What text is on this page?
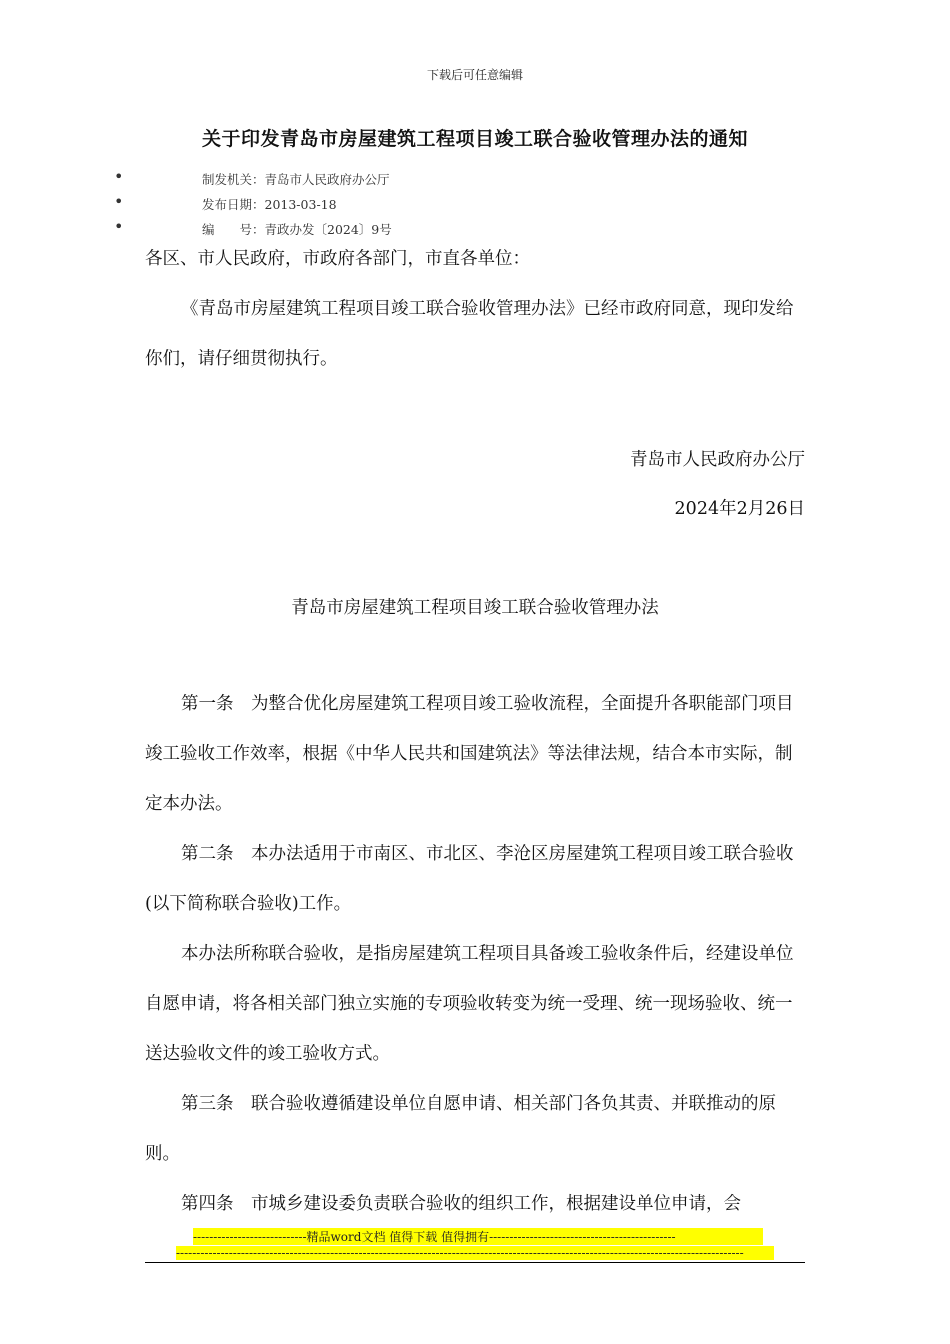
下载后可任意编辑
关于印发青岛市房屋建筑工程项目竣工联合验收管理办法的通知
•	制发机关：青岛市人民政府办公厅
•	发布日期：2013-03-18
•	编　　号：青政办发〔2024〕9号

各区、市人民政府，市政府各部门，市直各单位：

《青岛市房屋建筑工程项目竣工联合验收管理办法》已经市政府同意，现印发给你们，请仔细贯彻执行。

青岛市人民政府办公厅
2024年2月26日
青岛市房屋建筑工程项目竣工联合验收管理办法

第一条　为整合优化房屋建筑工程项目竣工验收流程，全面提升各职能部门项目竣工验收工作效率，根据《中华人民共和国建筑法》等法律法规，结合本市实际，制定本办法。

第二条　本办法适用于市南区、市北区、李沧区房屋建筑工程项目竣工联合验收(以下简称联合验收)工作。

本办法所称联合验收，是指房屋建筑工程项目具备竣工验收条件后，经建设单位自愿申请，将各相关部门独立实施的专项验收转变为统一受理、统一现场验收、统一送达验收文件的竣工验收方式。

第三条　联合验收遵循建设单位自愿申请、相关部门各负其责、并联推动的原则。

第四条　市城乡建设委负责联合验收的组织工作，根据建设单位申请，会

----------------------------精品word文档 值得下载 值得拥有----------------------------------------------
--------------------------------------------------------------------------------------------------------------------------------------------
